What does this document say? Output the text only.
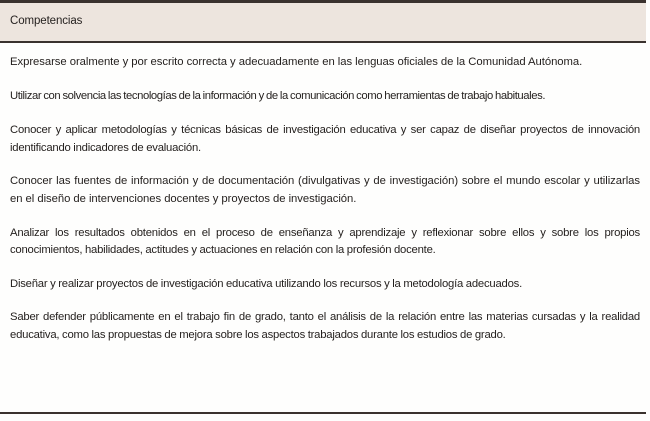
Competencias

Expresarse oralmente y por escrito correcta y adecuadamente en las lenguas oficiales de la Comunidad Autónoma.

Utilizar con solvencia las tecnologías de la información y de la comunicación como herramientas de trabajo habituales.

Conocer y aplicar metodologías y técnicas básicas de investigación educativa y ser capaz de diseñar proyectos de innovación identificando indicadores de evaluación.

Conocer las fuentes de información y de documentación (divulgativas y de investigación) sobre el mundo escolar y utilizarlas en el diseño de intervenciones docentes y proyectos de investigación.

Analizar los resultados obtenidos en el proceso de enseñanza y aprendizaje y reflexionar sobre ellos y sobre los propios conocimientos, habilidades, actitudes y actuaciones en relación con la profesión docente.

Diseñar y realizar proyectos de investigación educativa utilizando los recursos y la metodología adecuados.

Saber defender públicamente en el trabajo fin de grado, tanto el análisis de la relación entre las materias cursadas y la realidad educativa, como las propuestas de mejora sobre los aspectos trabajados durante los estudios de grado.
